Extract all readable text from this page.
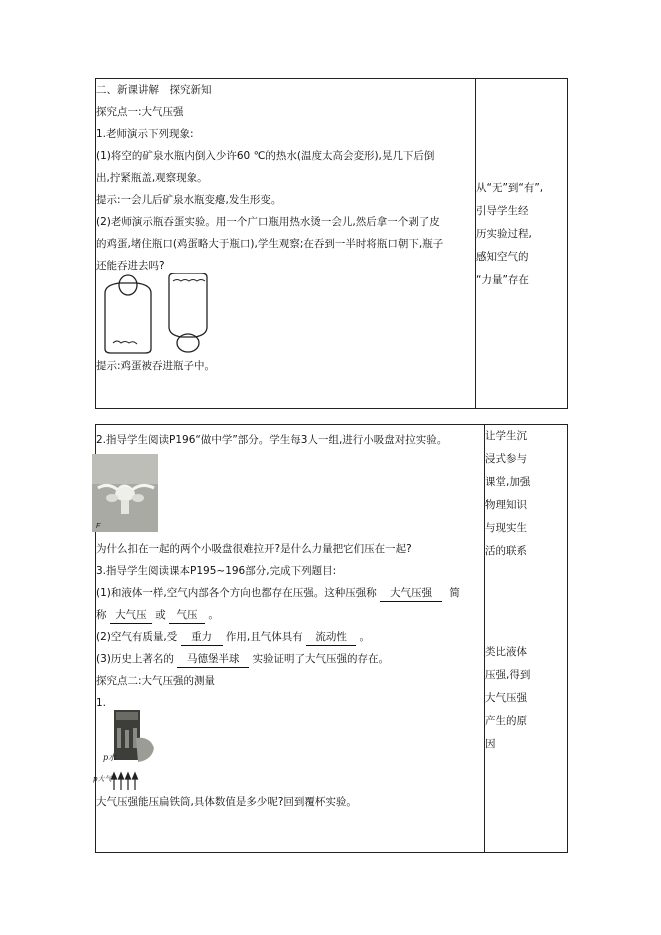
二、新课讲解　探究新知
探究点一:大气压强
1.老师演示下列现象:
(1)将空的矿泉水瓶内倒入少许60 ℃的热水(温度太高会変形),晃几下后倒
出,拧紧瓶盖,观察现象。
提示:一会儿后矿泉水瓶变瘪,发生形变。
(2)老师演示瓶吞蛋实验。用一个广口瓶用热水烫一会儿,然后拿一个剥了皮
的鸡蛋,堵住瓶口(鸡蛋略大于瓶口),学生观察;在吞到一半时将瓶口朝下,瓶子
还能吞进去吗?
提示:鸡蛋被吞进瓶子中。

从“无”到“有”,
引导学生经
历实验过程,
感知空气的
“力量”存在
2.指导学生阅读P196“做中学”部分。学生每3人一组,进行小吸盘对拉实验。
F
为什么扣在一起的两个小吸盘很难拉开?是什么力量把它们压在一起?
3.指导学生阅读课本P195~196部分,完成下列题目:
(1)和液体一样,空气内部各个方向也都存在压强。这种压强称 大气压强 简
称 大气压 或 气压 。
(2)空气有质量,受 重力 作用,且气体具有 流动性 。
(3)历史上著名的 马德堡半球 实验证明了大气压强的存在。
探究点二:大气压强的测量
1.
p水
p大气
大气压强能压扁铁筒,具体数值是多少呢?回到覆杯实验。

让学生沉
浸式参与
课堂,加强
物理知识
与现实生
活的联系
类比液体
压强,得到
大气压强
产生的原
因
